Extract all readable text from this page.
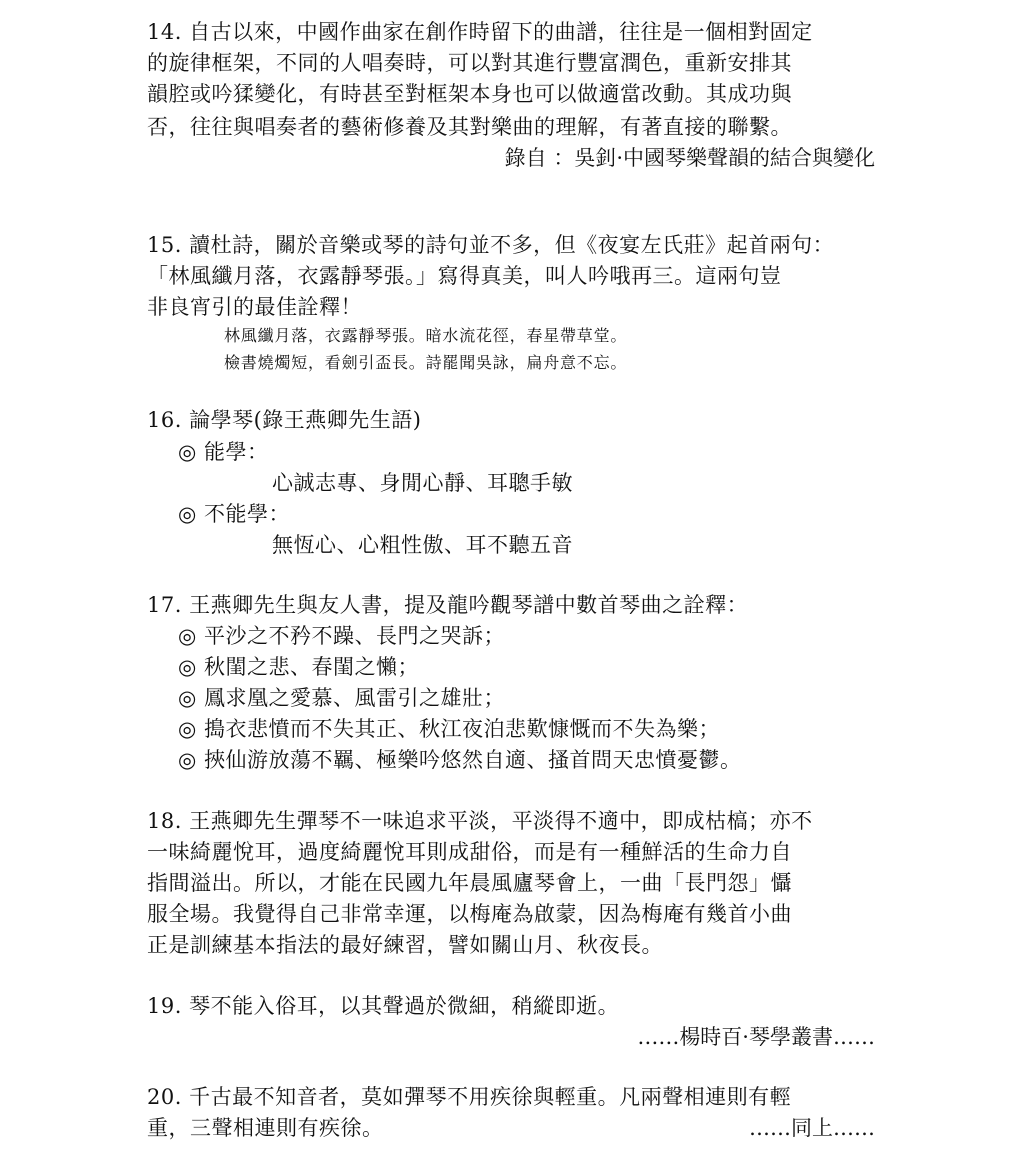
14. 自古以來，中國作曲家在創作時留下的曲譜，往往是一個相對固定
的旋律框架，不同的人唱奏時，可以對其進行豐富潤色，重新安排其
韻腔或吟猱變化，有時甚至對框架本身也可以做適當改動。其成功與
否，往往與唱奏者的藝術修養及其對樂曲的理解，有著直接的聯繫。
錄自 ：吳釗·中國琴樂聲韻的結合與變化
15. 讀杜詩，關於音樂或琴的詩句並不多，但《夜宴左氏莊》起首兩句：
「林風纖月落，衣露靜琴張。」寫得真美，叫人吟哦再三。這兩句豈
非良宵引的最佳詮釋！
林風纖月落，衣露靜琴張。暗水流花徑，春星帶草堂。
檢書燒燭短，看劍引盃長。詩罷聞吳詠，扁舟意不忘。
16. 論學琴(錄王燕卿先生語)
◎ 能學：
心誠志專、身閒心靜、耳聰手敏
◎ 不能學：
無恆心、心粗性傲、耳不聽五音
17. 王燕卿先生與友人書，提及龍吟觀琴譜中數首琴曲之詮釋：
◎ 平沙之不矜不躁、長門之哭訴；
◎ 秋閨之悲、春閨之懶；
◎ 鳳求凰之愛慕、風雷引之雄壯；
◎ 搗衣悲憤而不失其正、秋江夜泊悲歎慷慨而不失為樂；
◎ 挾仙游放蕩不羈、極樂吟悠然自適、搔首問天忠憤憂鬱。
18. 王燕卿先生彈琴不一味追求平淡，平淡得不適中，即成枯槁；亦不
一味綺麗悅耳，過度綺麗悅耳則成甜俗，而是有一種鮮活的生命力自
指間溢出。所以，才能在民國九年晨風廬琴會上，一曲「長門怨」懾
服全場。我覺得自己非常幸運，以梅庵為啟蒙，因為梅庵有幾首小曲
正是訓練基本指法的最好練習，譬如關山月、秋夜長。
19. 琴不能入俗耳，以其聲過於微細，稍縱即逝。
……楊時百·琴學叢書……
20. 千古最不知音者，莫如彈琴不用疾徐與輕重。凡兩聲相連則有輕
重，三聲相連則有疾徐。	……同上……
